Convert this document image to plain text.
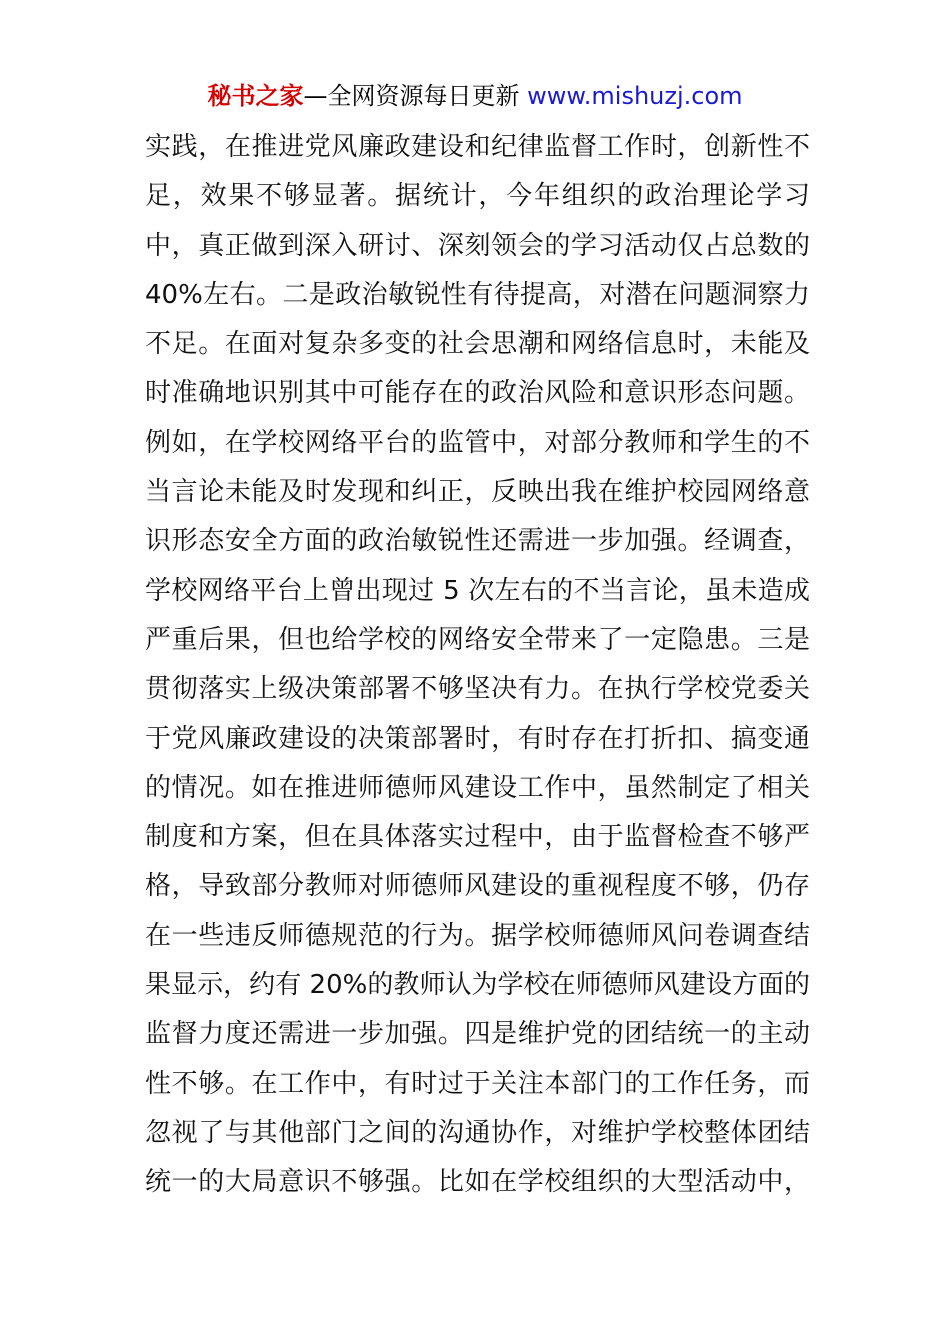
秘书之家—全网资源每日更新 www.mishuzj.com
实践，在推进党风廉政建设和纪律监督工作时，创新性不
足，效果不够显著。据统计，今年组织的政治理论学习
中，真正做到深入研讨、深刻领会的学习活动仅占总数的
40%左右。二是政治敏锐性有待提高，对潜在问题洞察力
不足。在面对复杂多变的社会思潮和网络信息时，未能及
时准确地识别其中可能存在的政治风险和意识形态问题。
例如，在学校网络平台的监管中，对部分教师和学生的不
当言论未能及时发现和纠正，反映出我在维护校园网络意
识形态安全方面的政治敏锐性还需进一步加强。经调查，
学校网络平台上曾出现过 5 次左右的不当言论，虽未造成
严重后果，但也给学校的网络安全带来了一定隐患。三是
贯彻落实上级决策部署不够坚决有力。在执行学校党委关
于党风廉政建设的决策部署时，有时存在打折扣、搞变通
的情况。如在推进师德师风建设工作中，虽然制定了相关
制度和方案，但在具体落实过程中，由于监督检查不够严
格，导致部分教师对师德师风建设的重视程度不够，仍存
在一些违反师德规范的行为。据学校师德师风问卷调查结
果显示，约有 20%的教师认为学校在师德师风建设方面的
监督力度还需进一步加强。四是维护党的团结统一的主动
性不够。在工作中，有时过于关注本部门的工作任务，而
忽视了与其他部门之间的沟通协作，对维护学校整体团结
统一的大局意识不够强。比如在学校组织的大型活动中，
